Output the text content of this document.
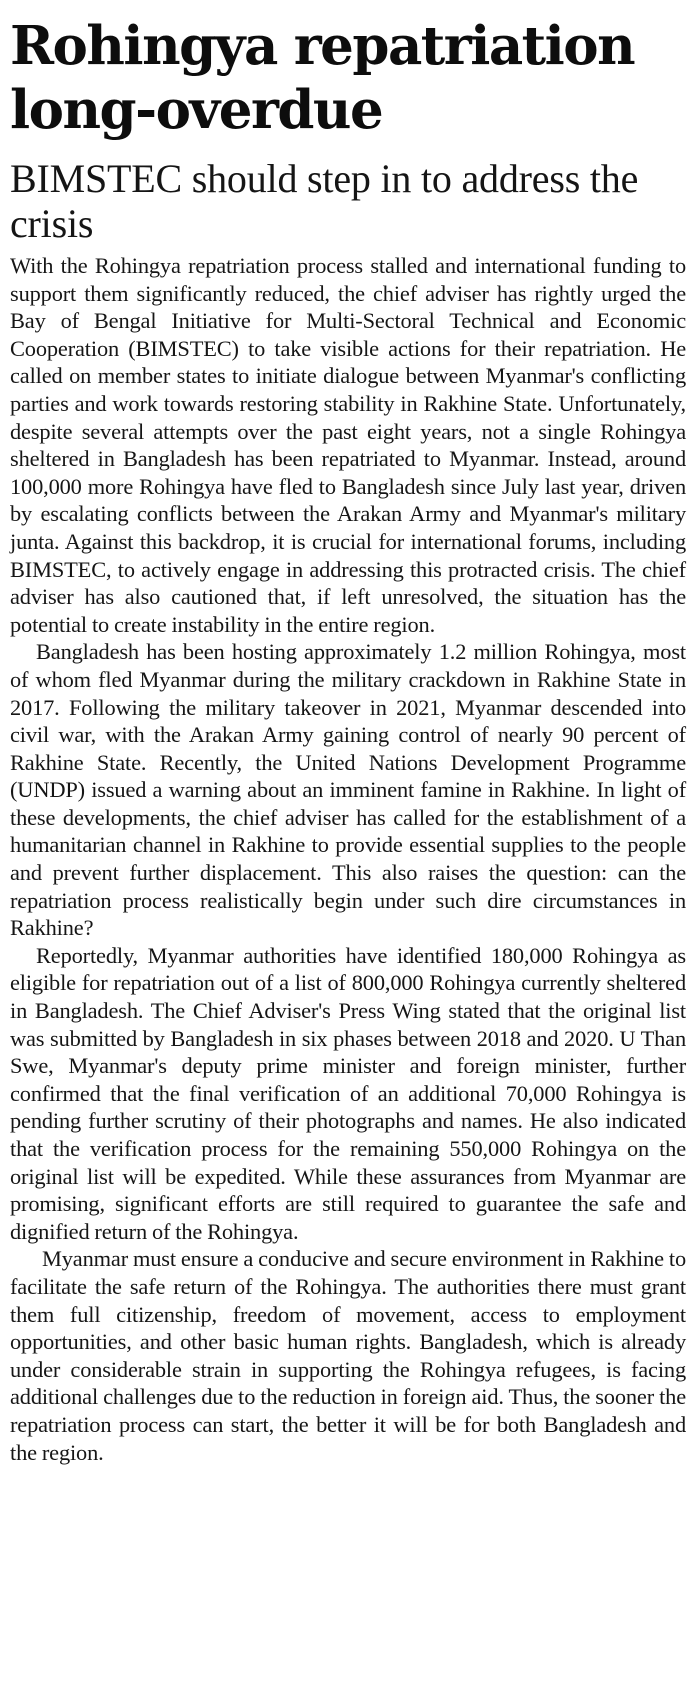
Rohingya repatriation long-overdue
BIMSTEC should step in to address the crisis

With the Rohingya repatriation process stalled and international funding to support them significantly reduced, the chief adviser has rightly urged the Bay of Bengal Initiative for Multi-Sectoral Technical and Economic Cooperation (BIMSTEC) to take visible actions for their repatriation. He called on member states to initiate dialogue between Myanmar's conflicting parties and work towards restoring stability in Rakhine State. Unfortunately, despite several attempts over the past eight years, not a single Rohingya sheltered in Bangladesh has been repatriated to Myanmar. Instead, around 100,000 more Rohingya have fled to Bangladesh since July last year, driven by escalating conflicts between the Arakan Army and Myanmar's military junta. Against this backdrop, it is crucial for international forums, including BIMSTEC, to actively engage in addressing this protracted crisis. The chief adviser has also cautioned that, if left unresolved, the situation has the potential to create instability in the entire region.

Bangladesh has been hosting approximately 1.2 million Rohingya, most of whom fled Myanmar during the military crackdown in Rakhine State in 2017. Following the military takeover in 2021, Myanmar descended into civil war, with the Arakan Army gaining control of nearly 90 percent of Rakhine State. Recently, the United Nations Development Programme (UNDP) issued a warning about an imminent famine in Rakhine. In light of these developments, the chief adviser has called for the establishment of a humanitarian channel in Rakhine to provide essential supplies to the people and prevent further displacement. This also raises the question: can the repatriation process realistically begin under such dire circumstances in Rakhine?

Reportedly, Myanmar authorities have identified 180,000 Rohingya as eligible for repatriation out of a list of 800,000 Rohingya currently sheltered in Bangladesh. The Chief Adviser's Press Wing stated that the original list was submitted by Bangladesh in six phases between 2018 and 2020. U Than Swe, Myanmar's deputy prime minister and foreign minister, further confirmed that the final verification of an additional 70,000 Rohingya is pending further scrutiny of their photographs and names. He also indicated that the verification process for the remaining 550,000 Rohingya on the original list will be expedited. While these assurances from Myanmar are promising, significant efforts are still required to guarantee the safe and dignified return of the Rohingya.

Myanmar must ensure a conducive and secure environment in Rakhine to facilitate the safe return of the Rohingya. The authorities there must grant them full citizenship, freedom of movement, access to employment opportunities, and other basic human rights. Bangladesh, which is already under considerable strain in supporting the Rohingya refugees, is facing additional challenges due to the reduction in foreign aid. Thus, the sooner the repatriation process can start, the better it will be for both Bangladesh and the region.
